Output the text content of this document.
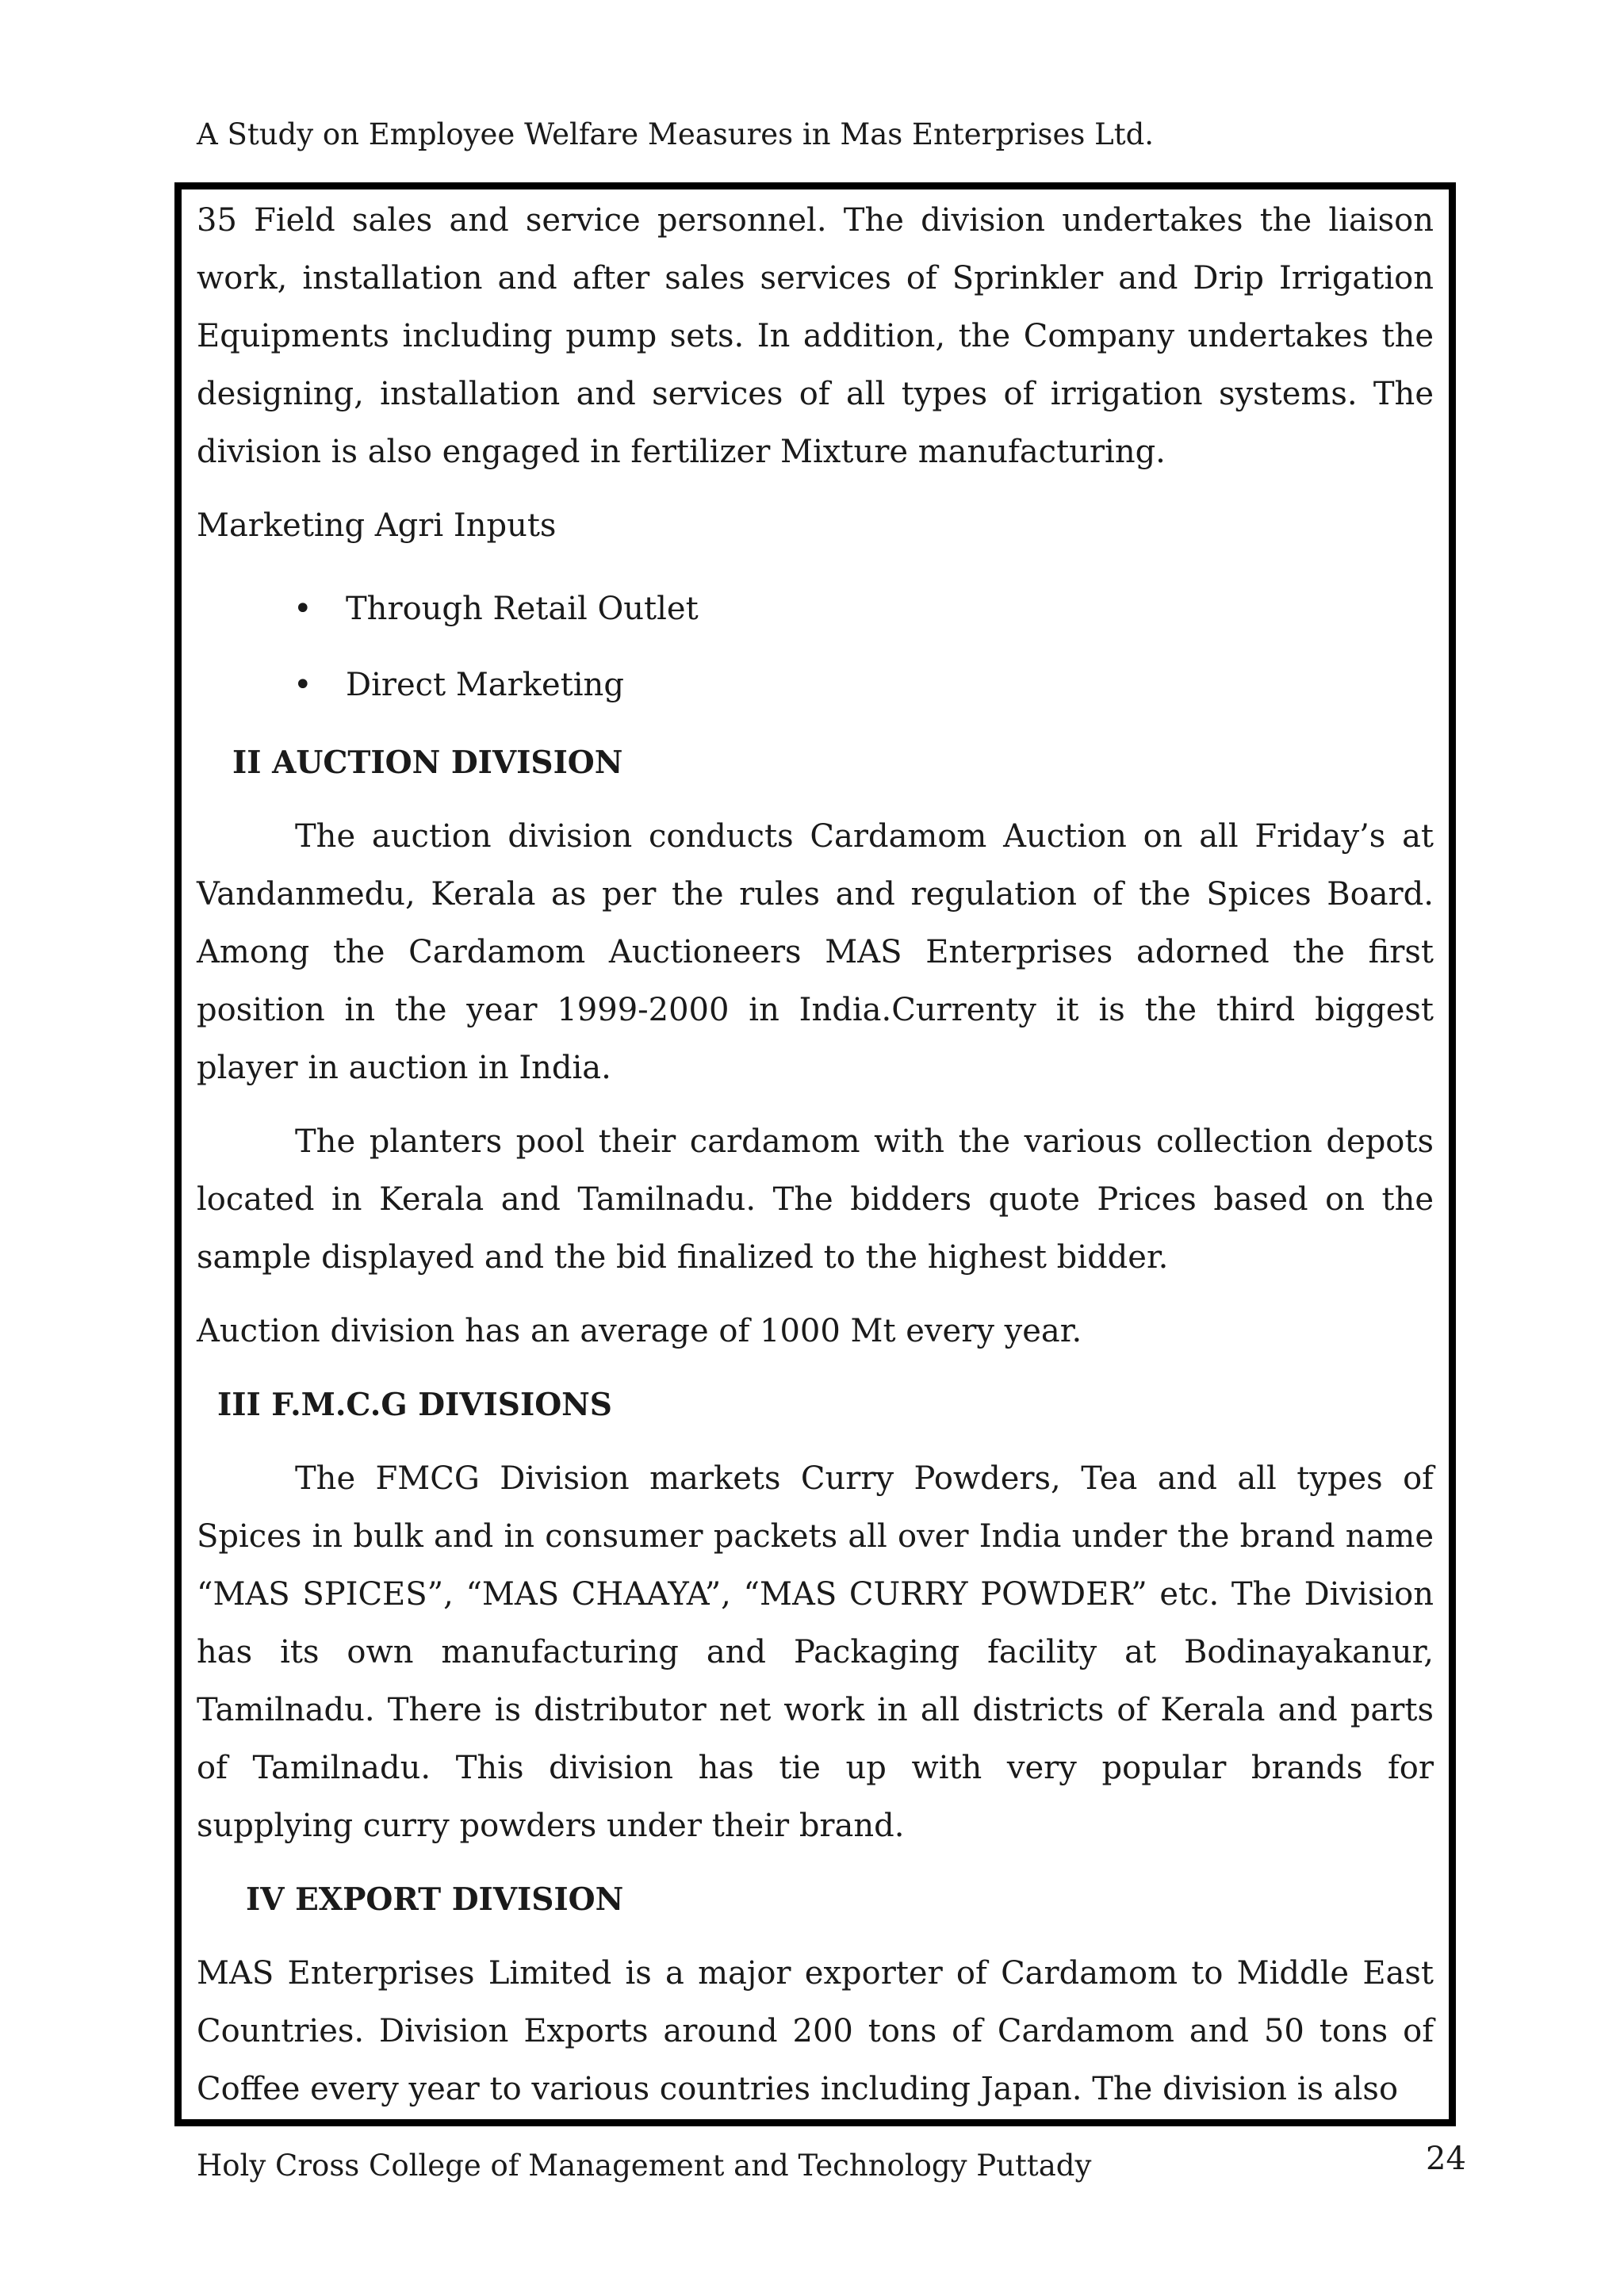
A Study on Employee Welfare Measures in Mas Enterprises Ltd.

35 Field sales and service personnel. The division undertakes the liaison work, installation and after sales services of Sprinkler and Drip Irrigation Equipments including pump sets. In addition, the Company undertakes the designing, installation and services of all types of irrigation systems. The division is also engaged in fertilizer Mixture manufacturing.

Marketing Agri Inputs

•	Through Retail Outlet
•	Direct Marketing
II AUCTION DIVISION

The auction division conducts Cardamom Auction on all Friday’s at Vandanmedu, Kerala as per the rules and regulation of the Spices Board. Among the Cardamom Auctioneers MAS Enterprises adorned the first position in the year 1999-2000 in India.Currenty it is the third biggest player in auction in India.

The planters pool their cardamom with the various collection depots located in Kerala and Tamilnadu. The bidders quote Prices based on the sample displayed and the bid finalized to the highest bidder.

Auction division has an average of 1000 Mt every year.

III F.M.C.G DIVISIONS

The FMCG Division markets Curry Powders, Tea and all types of Spices in bulk and in consumer packets all over India under the brand name “MAS SPICES”, “MAS CHAAYA”, “MAS CURRY POWDER” etc. The Division has its own manufacturing and Packaging facility at Bodinayakanur, Tamilnadu. There is distributor net work in all districts of Kerala and parts of Tamilnadu. This division has tie up with very popular brands for supplying curry powders under their brand.

IV EXPORT DIVISION

MAS Enterprises Limited is a major exporter of Cardamom to Middle East Countries. Division Exports around 200 tons of Cardamom and 50 tons of Coffee every year to various countries including Japan. The division is also

Holy Cross College of Management and Technology Puttady	24
